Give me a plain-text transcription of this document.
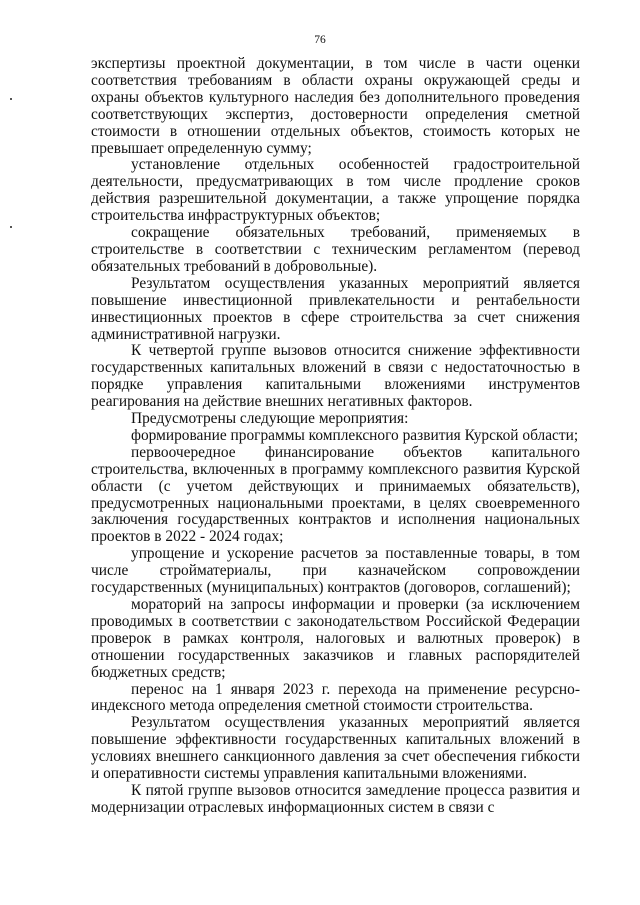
76

экспертизы проектной документации, в том числе в части оценки соответствия требованиям в области охраны окружающей среды и охраны объектов культурного наследия без дополнительного проведения соответствующих экспертиз, достоверности определения сметной стоимости в отношении отдельных объектов, стоимость которых не превышает определенную сумму;

установление отдельных особенностей градостроительной деятельности, предусматривающих в том числе продление сроков действия разрешительной документации, а также упрощение порядка строительства инфраструктурных объектов;

сокращение обязательных требований, применяемых в строительстве в соответствии с техническим регламентом (перевод обязательных требований в добровольные).

Результатом осуществления указанных мероприятий является повышение инвестиционной привлекательности и рентабельности инвестиционных проектов в сфере строительства за счет снижения административной нагрузки.

К четвертой группе вызовов относится снижение эффективности государственных капитальных вложений в связи с недостаточностью в порядке управления капитальными вложениями инструментов реагирования на действие внешних негативных факторов.

Предусмотрены следующие мероприятия:

формирование программы комплексного развития Курской области;

первоочередное финансирование объектов капитального строительства, включенных в программу комплексного развития Курской области (с учетом действующих и принимаемых обязательств), предусмотренных национальными проектами, в целях своевременного заключения государственных контрактов и исполнения национальных проектов в 2022 - 2024 годах;

упрощение и ускорение расчетов за поставленные товары, в том числе стройматериалы, при казначейском сопровождении государственных (муниципальных) контрактов (договоров, соглашений);

мораторий на запросы информации и проверки (за исключением проводимых в соответствии с законодательством Российской Федерации проверок в рамках контроля, налоговых и валютных проверок) в отношении государственных заказчиков и главных распорядителей бюджетных средств;

перенос на 1 января 2023 г. перехода на применение ресурсно-индексного метода определения сметной стоимости строительства.

Результатом осуществления указанных мероприятий является повышение эффективности государственных капитальных вложений в условиях внешнего санкционного давления за счет обеспечения гибкости и оперативности системы управления капитальными вложениями.

К пятой группе вызовов относится замедление процесса развития и модернизации отраслевых информационных систем в связи с
